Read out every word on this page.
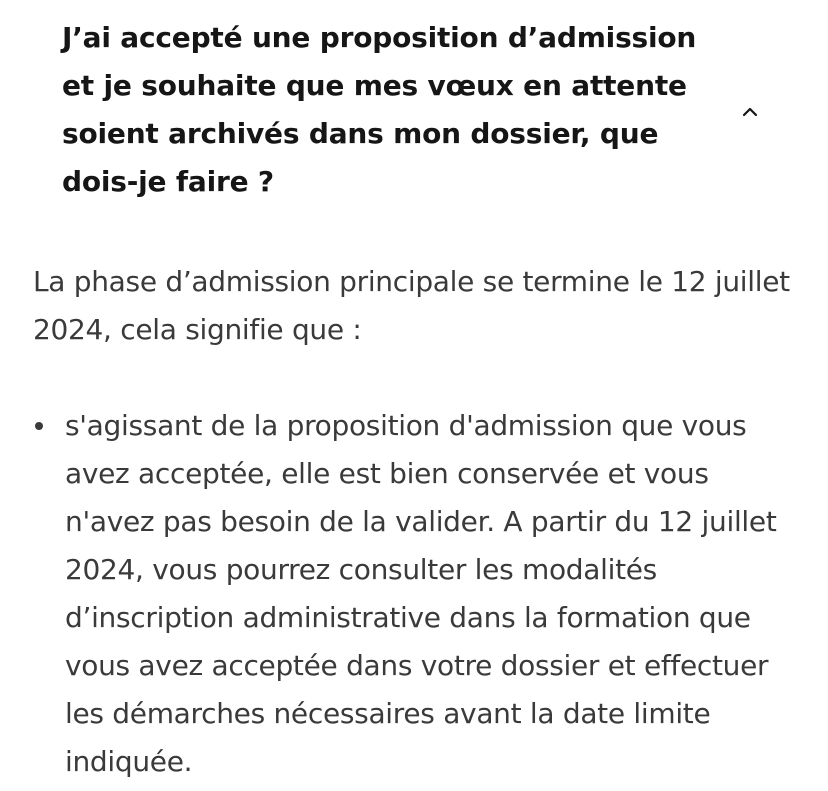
J’ai accepté une proposition d’admission et je souhaite que mes vœux en attente soient archivés dans mon dossier, que dois-je faire ?

La phase d’admission principale se termine le 12 juillet 2024, cela signifie que :

s'agissant de la proposition d'admission que vous avez acceptée, elle est bien conservée et vous n'avez pas besoin de la valider. A partir du 12 juillet 2024, vous pourrez consulter les modalités d’inscription administrative dans la formation que vous avez acceptée dans votre dossier et effectuer les démarches nécessaires avant la date limite indiquée.
